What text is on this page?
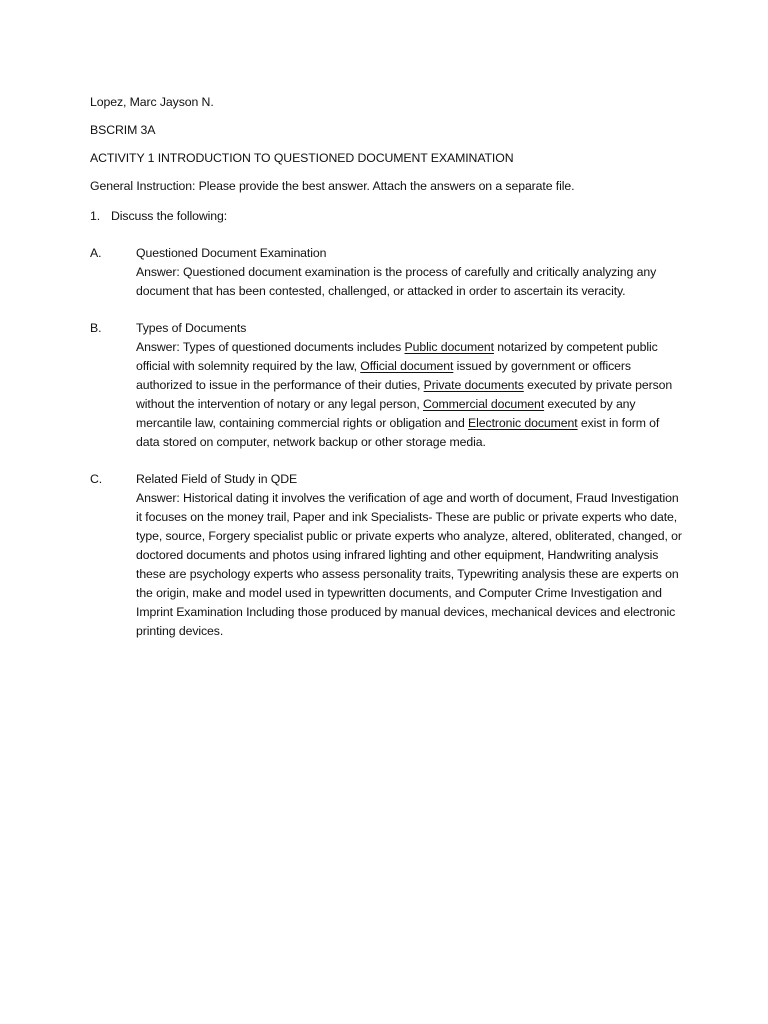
Lopez, Marc Jayson N.

BSCRIM 3A

ACTIVITY 1 INTRODUCTION TO QUESTIONED DOCUMENT EXAMINATION

General Instruction: Please provide the best answer. Attach the answers on a separate file.

1. Discuss the following:
A.	Questioned Document Examination
Answer: Questioned document examination is the process of carefully and critically analyzing any document that has been contested, challenged, or attacked in order to ascertain its veracity.
B.	Types of Documents
Answer: Types of questioned documents includes Public document notarized by competent public official with solemnity required by the law, Official document issued by government or officers authorized to issue in the performance of their duties, Private documents executed by private person without the intervention of notary or any legal person, Commercial document executed by any mercantile law, containing commercial rights or obligation and Electronic document exist in form of data stored on computer, network backup or other storage media.
C.	Related Field of Study in QDE
Answer: Historical dating it involves the verification of age and worth of document, Fraud Investigation it focuses on the money trail, Paper and ink Specialists- These are public or private experts who date, type, source, Forgery specialist public or private experts who analyze, altered, obliterated, changed, or doctored documents and photos using infrared lighting and other equipment, Handwriting analysis these are psychology experts who assess personality traits, Typewriting analysis these are experts on the origin, make and model used in typewritten documents, and Computer Crime Investigation and Imprint Examination Including those produced by manual devices, mechanical devices and electronic printing devices.
